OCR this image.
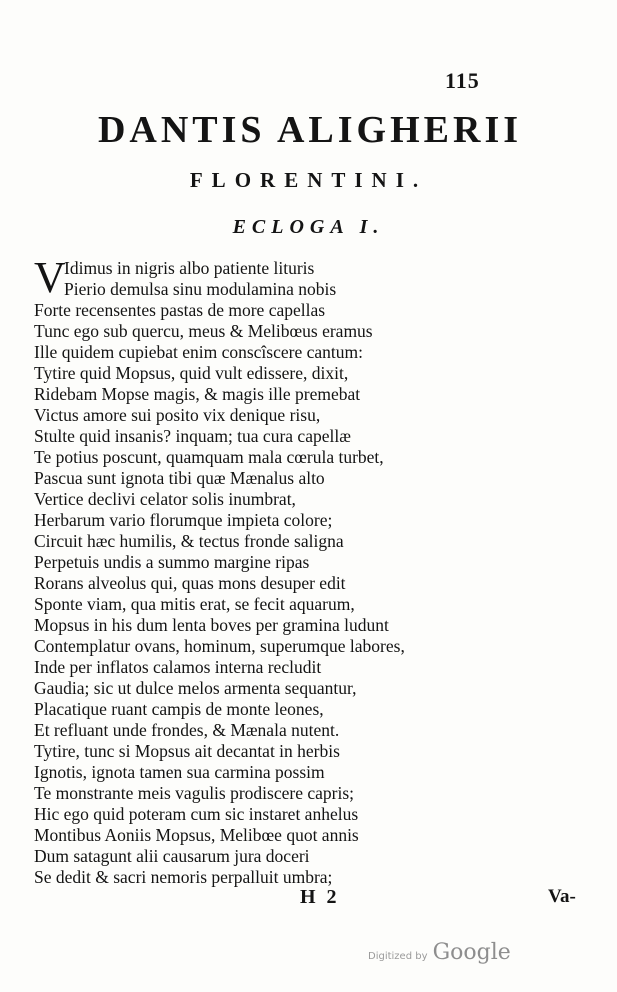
115
DANTIS ALIGHERII
FLORENTINI.
ECLOGA I.
V
Idimus in nigris albo patiente lituris
Pierio demulsa sinu modulamina nobis
Forte recensentes pastas de more capellas
Tunc ego sub quercu, meus & Melibœus eramus
Ille quidem cupiebat enim conscîscere cantum:
Tytire quid Mopsus, quid vult edissere, dixit,
Ridebam Mopse magis, & magis ille premebat
Victus amore sui posito vix denique risu,
Stulte quid insanis? inquam; tua cura capellæ
Te potius poscunt, quamquam mala cœrula turbet,
Pascua sunt ignota tibi quæ Mænalus alto
Vertice declivi celator solis inumbrat,
Herbarum vario florumque impieta colore;
Circuit hæc humilis, & tectus fronde saligna
Perpetuis undis a summo margine ripas
Rorans alveolus qui, quas mons desuper edit
Sponte viam, qua mitis erat, se fecit aquarum,
Mopsus in his dum lenta boves per gramina ludunt
Contemplatur ovans, hominum, superumque labores,
Inde per inflatos calamos interna recludit
Gaudia; sic ut dulce melos armenta sequantur,
Placatique ruant campis de monte leones,
Et refluant unde frondes, & Mænala nutent.
Tytire, tunc si Mopsus ait decantat in herbis
Ignotis, ignota tamen sua carmina possim
Te monstrante meis vagulis prodiscere capris;
Hic ego quid poteram cum sic instaret anhelus
Montibus Aoniis Mopsus, Melibœe quot annis
Dum satagunt alii causarum jura doceri
Se dedit & sacri nemoris perpalluit umbra;
H 2	Va-
Digitized by Google
